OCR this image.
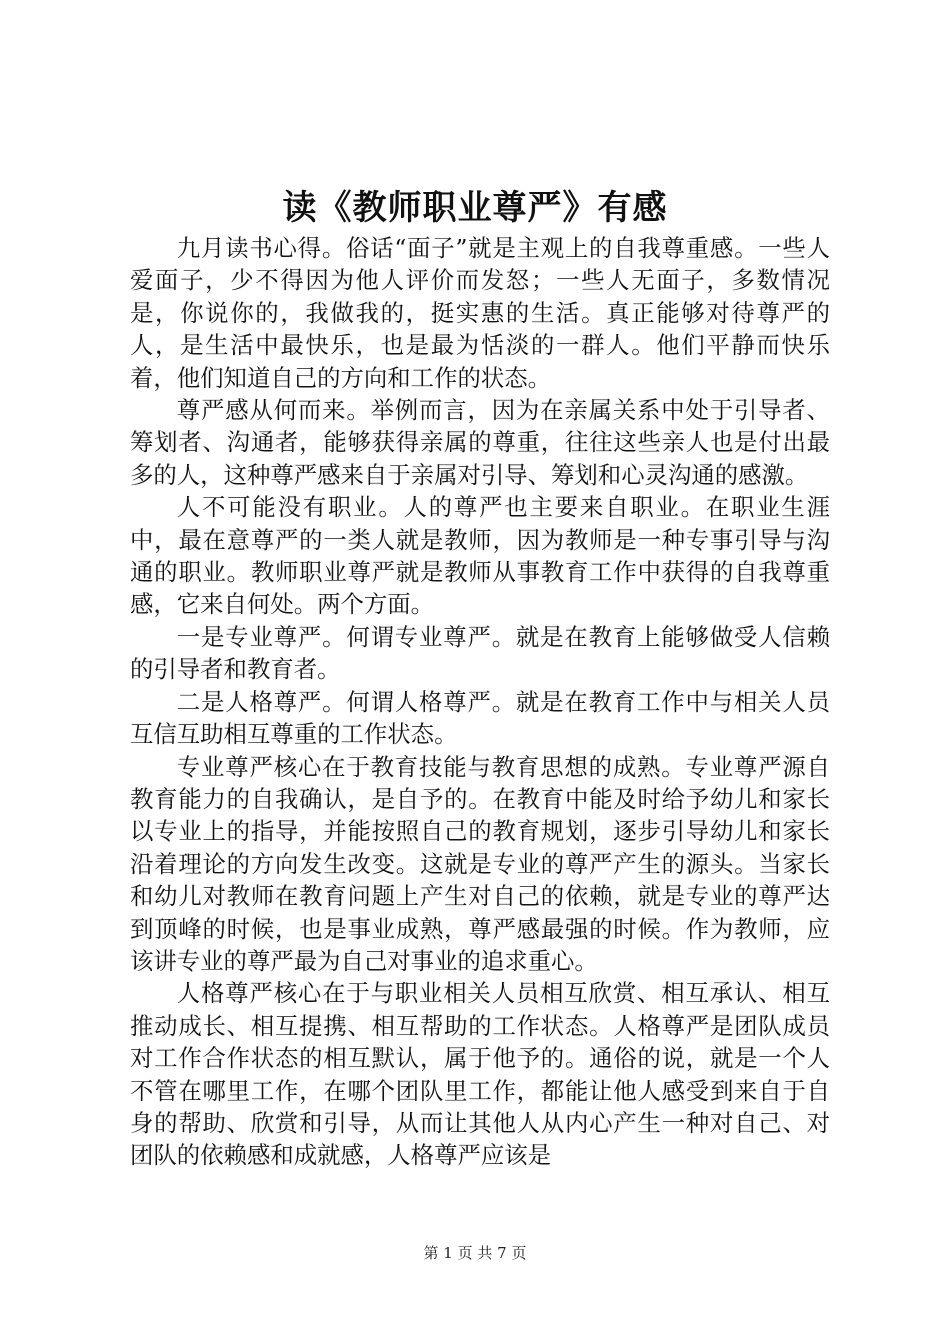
读《教师职业尊严》有感

九月读书心得。俗话“面子”就是主观上的自我尊重感。一些人爱面子，少不得因为他人评价而发怒；一些人无面子，多数情况是，你说你的，我做我的，挺实惠的生活。真正能够对待尊严的人，是生活中最快乐，也是最为恬淡的一群人。他们平静而快乐着，他们知道自己的方向和工作的状态。

尊严感从何而来。举例而言，因为在亲属关系中处于引导者、筹划者、沟通者，能够获得亲属的尊重，往往这些亲人也是付出最多的人，这种尊严感来自于亲属对引导、筹划和心灵沟通的感激。

人不可能没有职业。人的尊严也主要来自职业。在职业生涯中，最在意尊严的一类人就是教师，因为教师是一种专事引导与沟通的职业。教师职业尊严就是教师从事教育工作中获得的自我尊重感，它来自何处。两个方面。

一是专业尊严。何谓专业尊严。就是在教育上能够做受人信赖的引导者和教育者。

二是人格尊严。何谓人格尊严。就是在教育工作中与相关人员互信互助相互尊重的工作状态。

专业尊严核心在于教育技能与教育思想的成熟。专业尊严源自教育能力的自我确认，是自予的。在教育中能及时给予幼儿和家长以专业上的指导，并能按照自己的教育规划，逐步引导幼儿和家长沿着理论的方向发生改变。这就是专业的尊严产生的源头。当家长和幼儿对教师在教育问题上产生对自己的依赖，就是专业的尊严达到顶峰的时候，也是事业成熟，尊严感最强的时候。作为教师，应该讲专业的尊严最为自己对事业的追求重心。

人格尊严核心在于与职业相关人员相互欣赏、相互承认、相互推动成长、相互提携、相互帮助的工作状态。人格尊严是团队成员对工作合作状态的相互默认，属于他予的。通俗的说，就是一个人不管在哪里工作，在哪个团队里工作，都能让他人感受到来自于自身的帮助、欣赏和引导，从而让其他人从内心产生一种对自己、对团队的依赖感和成就感，人格尊严应该是

第 1 页 共 7 页
